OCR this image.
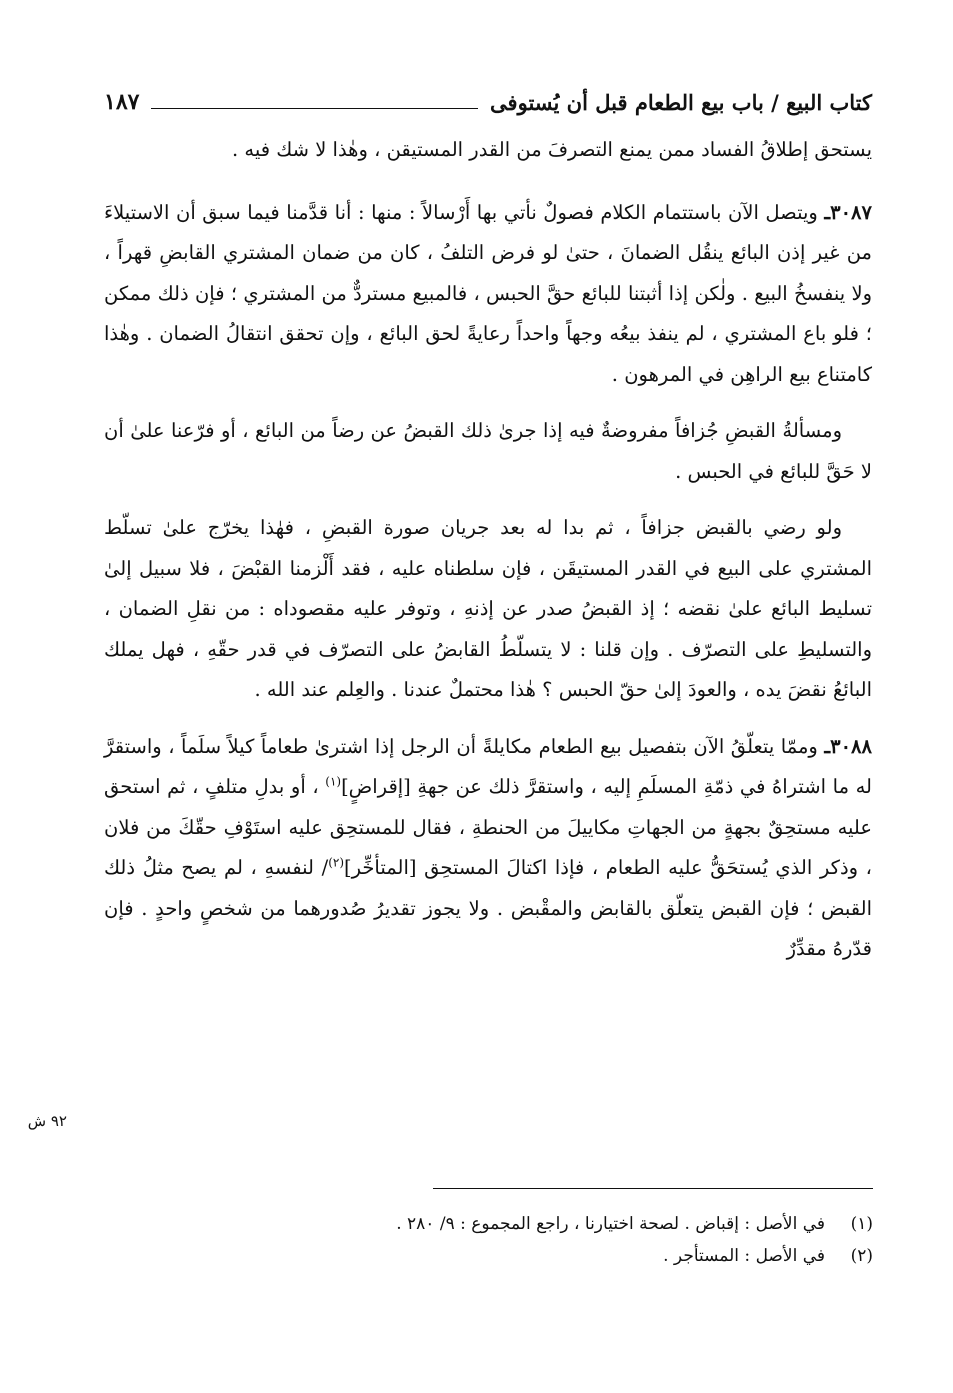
كتاب البيع / باب بيع الطعام قبل أن يُستوفى
١٨٧

يستحق إطلاقُ الفساد ممن يمنع التصرفَ من القدر المستيقن ، وهٰذا لا شك فيه .

٣٠٨٧ـ ويتصل الآن باستتمام الكلام فصولٌ نأتي بها أَرْسالاً : منها : أنا قدَّمنا فيما سبق أن الاستيلاءَ من غير إذن البائع ينقُل الضمانَ ، حتىٰ لو فرض التلفُ ، كان من ضمان المشتري القابضِ قهراً ، ولا ينفسخُ البيع . ولٰكن إذا أثبتنا للبائع حقَّ الحبس ، فالمبيع مستردٌّ من المشتري ؛ فإن ذلك ممكن ؛ فلو باع المشتري ، لم ينفذ بيعُه وجهاً واحداً رعايةً لحق البائع ، وإن تحقق انتقالُ الضمان . وهٰذا كامتناع بيع الراهِن في المرهون .

ومسألةُ القبضِ جُزافاً مفروضةٌ فيه إذا جرىٰ ذلك القبضُ عن رضاً من البائع ، أو فرّعنا علىٰ أن لا حَقَّ للبائع في الحبس .

ولو رضي بالقبض جزافاً ، ثم بدا له بعد جريان صورة القبضِ ، فهٰذا يخرّج علىٰ تسلّط المشتري على البيع في القدر المستيقَن ، فإن سلطناه عليه ، فقد أَلْزمنا القبْضَ ، فلا سبيل إلىٰ تسليط البائع علىٰ نقضه ؛ إذ القبضُ صدر عن إذنهِ ، وتوفر عليه مقصوداه : من نقلِ الضمان ، والتسليطِ على التصرّف . وإن قلنا : لا يتسلّطُ القابضُ على التصرّف في قدر حقّهِ ، فهل يملك البائعُ نقضَ يده ، والعودَ إلىٰ حقّ الحبس ؟ هٰذا محتملٌ عندنا . والعِلم عند الله .

٣٠٨٨ـ وممّا يتعلّقُ الآن بتفصيل بيع الطعام مكايلةً أن الرجل إذا اشترىٰ طعاماً كيلاً سلَماً ، واستقرَّ له ما اشتراهُ في ذمّةِ المسلَمِ إليه ، واستقرَّ ذلك عن جهةِ [إقراضٍ]$^{(١)}$ ، أو بدلِ متلفٍ ، ثم استحق عليه مستحِقٌ بجهةٍ من الجهاتِ مكاييلَ من الحنطةِ ، فقال للمستحِق عليه استَوْفِ حقّكَ من فلان ، وذكر الذي يُستحَقُّ عليه الطعام ، فإذا اكتالَ المستحِق [المتأخِّر]$^{(٢)}$/ لنفسهِ ، لم يصح مثلُ ذلك القبض ؛ فإن القبض يتعلّق بالقابض والمقْبض . ولا يجوز تقديرُ صُدورهما من شخصٍ واحدٍ . فإن قدّرهُ مقدِّرٌ

٩٢ ش
(١)
في الأصل : إقباض . لصحة اختيارنا ، راجع المجموع : ٩/ ٢٨٠ .
(٢)
في الأصل : المستأجر .
